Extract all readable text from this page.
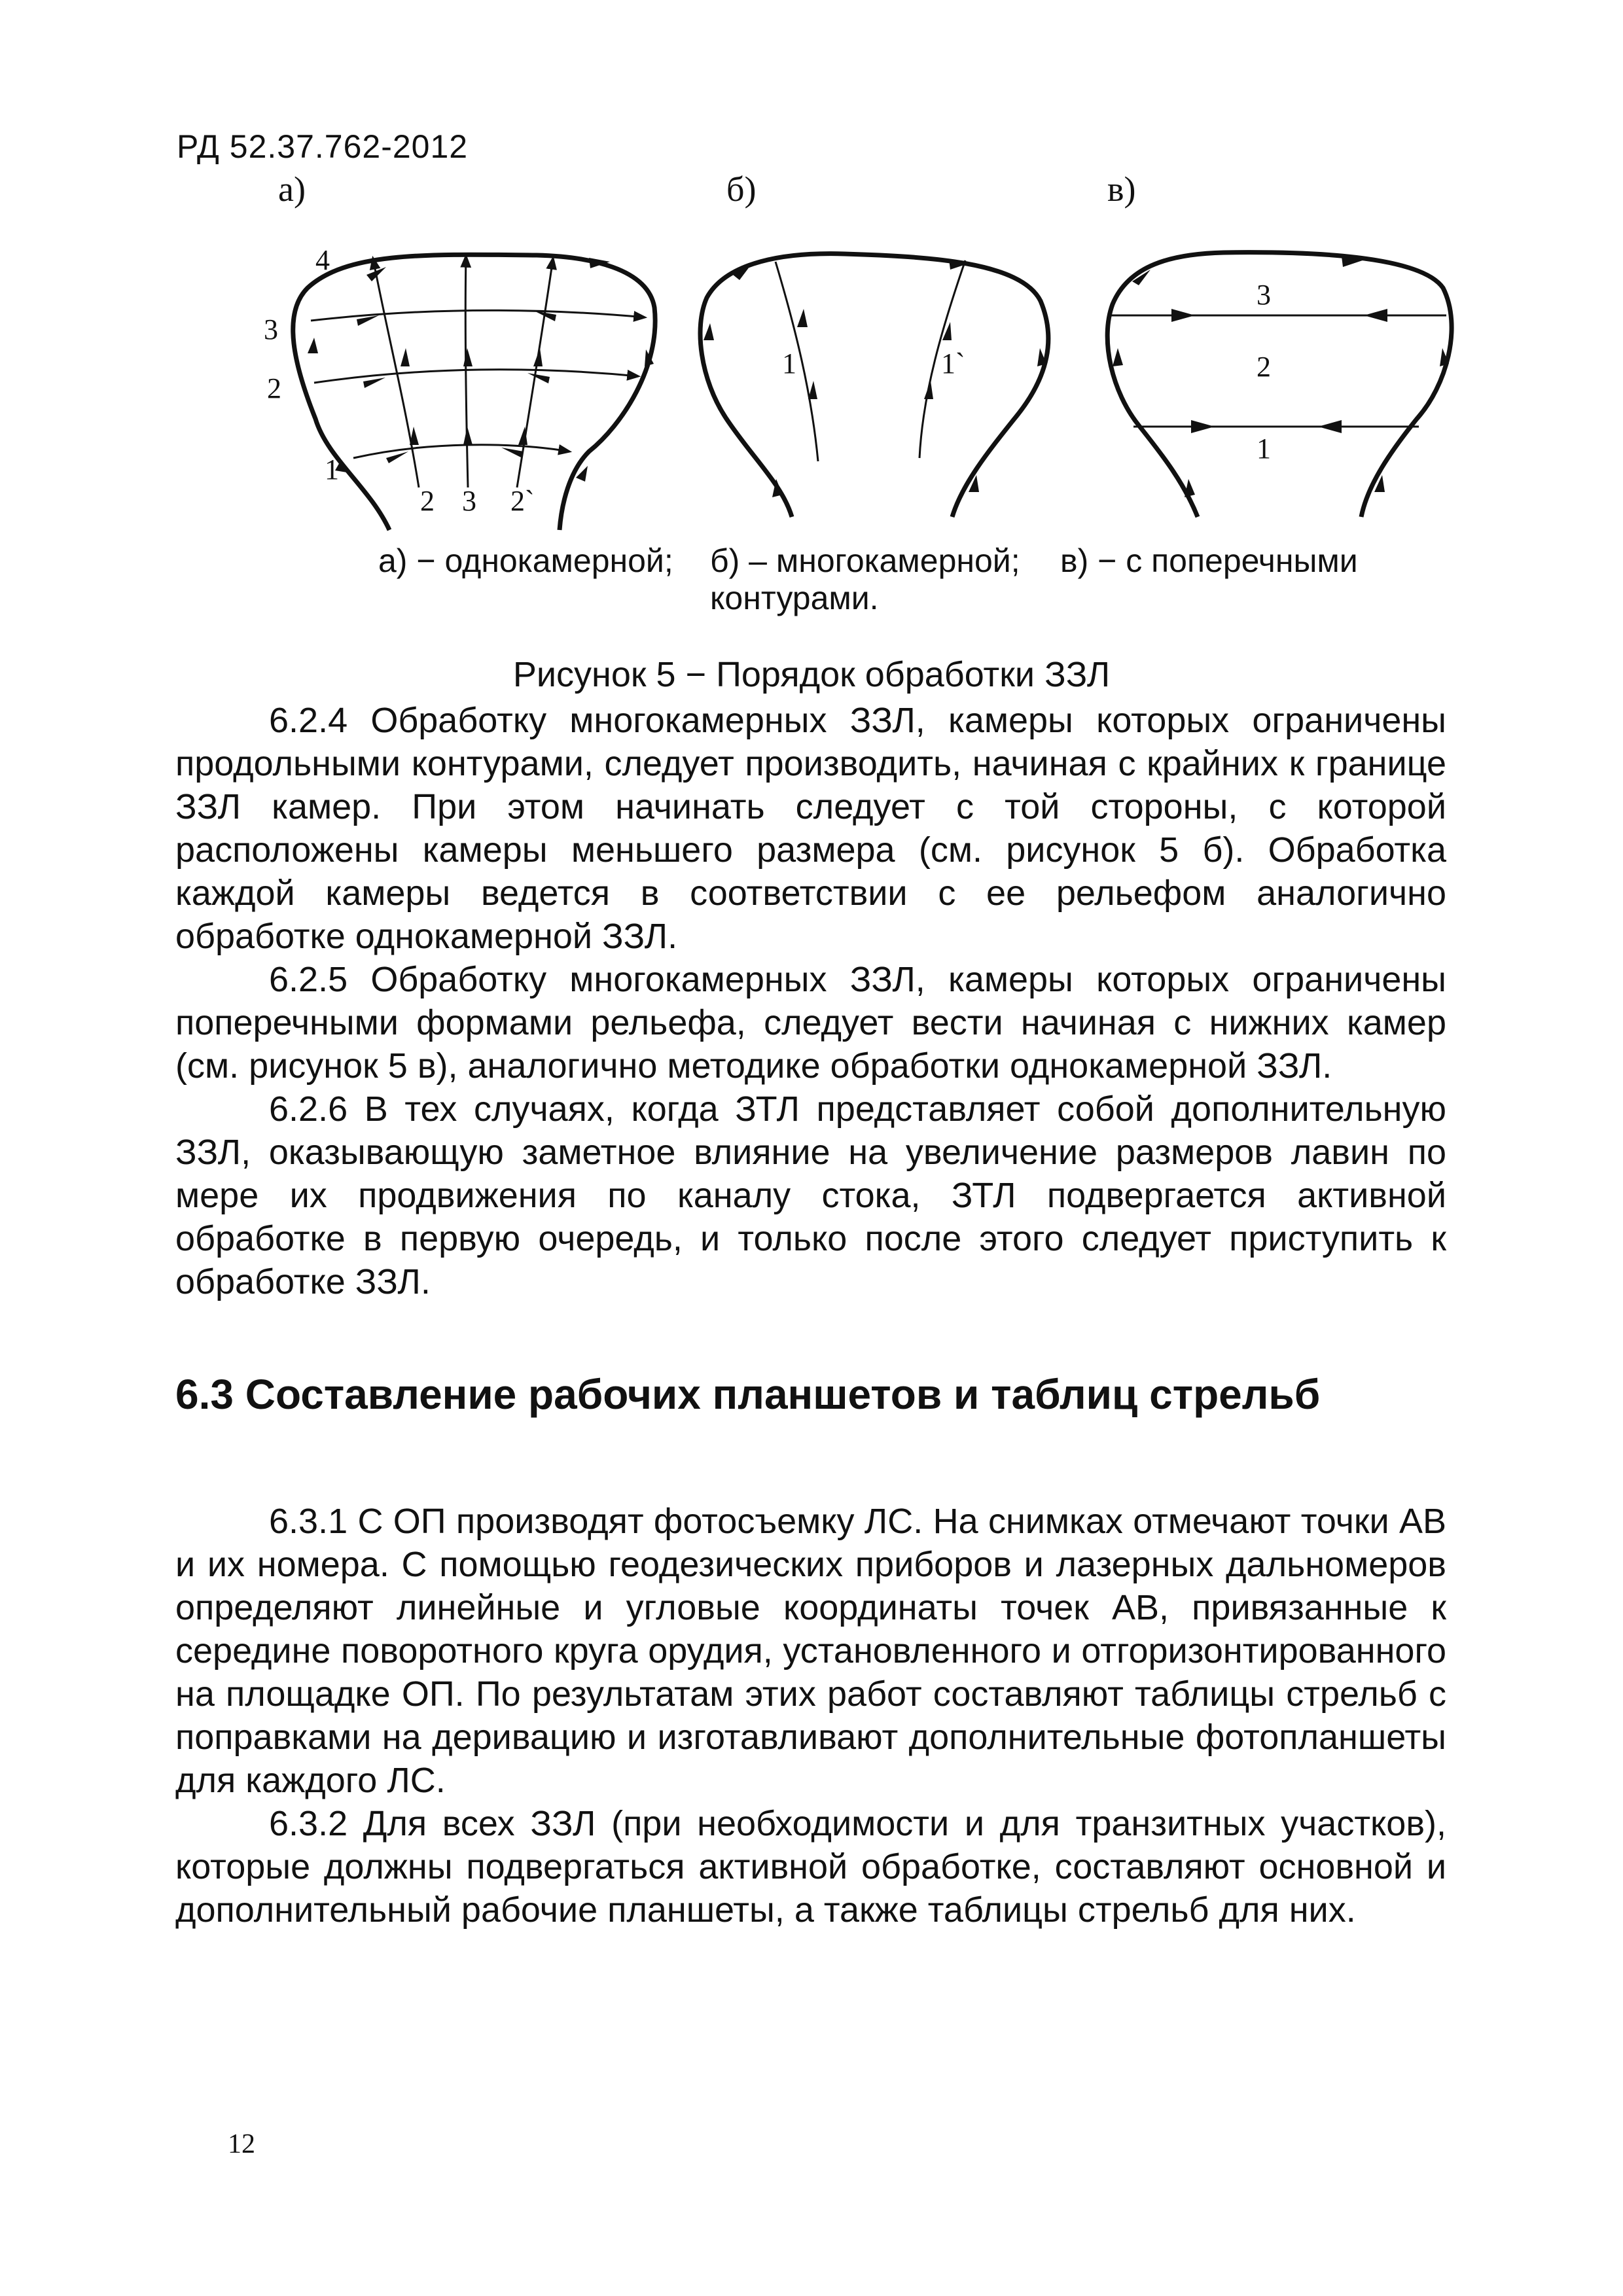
РД 52.37.762-2012
а)	б)	в)
4
3
2
1
2 3 2`
1	1`
3
2
1
а) − однокамерной; б) – многокамерной; в) − с поперечными
контурами.
Рисунок 5 − Порядок обработки ЗЗЛ

6.2.4 Обработку многокамерных ЗЗЛ, камеры которых ограничены продольными контурами, следует производить, начиная с крайних к границе ЗЗЛ камер. При этом начинать следует с той стороны, с которой расположены камеры меньшего размера (см. рисунок 5 б). Обработка каждой камеры ведется в соответствии с ее рельефом аналогично обработке однокамерной ЗЗЛ.

6.2.5 Обработку многокамерных ЗЗЛ, камеры которых ограничены поперечными формами рельефа, следует вести начиная с нижних камер (см. рисунок 5 в), аналогично методике обработки однокамерной ЗЗЛ.

6.2.6 В тех случаях, когда ЗТЛ представляет собой дополнительную ЗЗЛ, оказывающую заметное влияние на увеличение размеров лавин по мере их продвижения по каналу стока, ЗТЛ подвергается активной обработке в первую очередь, и только после этого следует приступить к обработке ЗЗЛ.

6.3 Составление рабочих планшетов и таблиц стрельб

6.3.1 С ОП производят фотосъемку ЛС. На снимках отмечают точки АВ и их номера. С помощью геодезических приборов и лазерных дальномеров определяют линейные и угловые координаты точек АВ, привязанные к середине поворотного круга орудия, установленного и отгоризонтированного на площадке ОП. По результатам этих работ составляют таблицы стрельб с поправками на деривацию и изготавливают дополнительные фотопланшеты для каждого ЛС.

6.3.2 Для всех ЗЗЛ (при необходимости и для транзитных участков), которые должны подвергаться активной обработке, составляют основной и дополнительный рабочие планшеты, а также таблицы стрельб для них.

12
